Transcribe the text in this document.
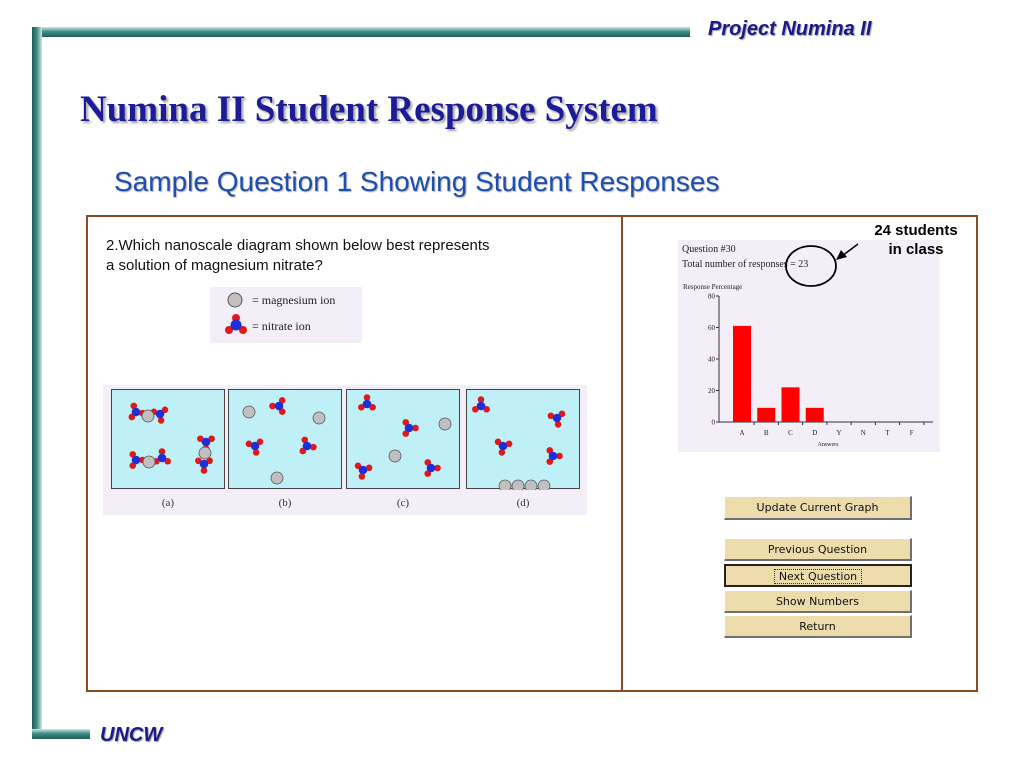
Project Numina II
Numina II Student Response System
Sample Question 1 Showing Student Responses
2.Which nanoscale diagram shown below best represents
a solution of magnesium nitrate?
= magnesium ion
= nitrate ion
(a)	(b)	(c)	(d)
Question #30
Total number of responses = 23
Response Percentage
0
20
40
60
80
A	B	C	D	Y	N	T	F
Answers
24 students
in class
Update Current Graph
Previous Question
Next Question
Show Numbers
Return
UNCW
